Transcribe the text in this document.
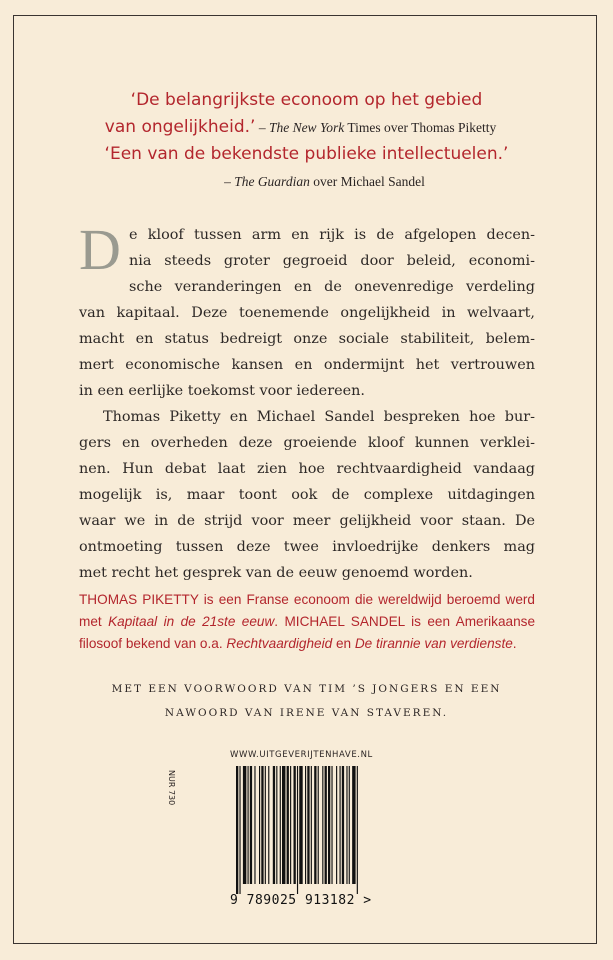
‘De belangrijkste econoom op het gebied
van ongelijkheid.’ – The New York Times over Thomas Piketty
‘Een van de bekendste publieke intellectuelen.’
– The Guardian over Michael Sandel
D e kloof tussen arm en rijk is de afgelopen decen-
nia steeds groter gegroeid door beleid, economi-
sche veranderingen en de onevenredige verdeling
van kapitaal. Deze toenemende ongelijkheid in welvaart,
macht en status bedreigt onze sociale stabiliteit, belem-
mert economische kansen en ondermijnt het vertrouwen
in een eerlijke toekomst voor iedereen.
Thomas Piketty en Michael Sandel bespreken hoe bur-
gers en overheden deze groeiende kloof kunnen verklei-
nen. Hun debat laat zien hoe rechtvaardigheid vandaag
mogelijk is, maar toont ook de complexe uitdagingen
waar we in de strijd voor meer gelijkheid voor staan. De
ontmoeting tussen deze twee invloedrijke denkers mag
met recht het gesprek van de eeuw genoemd worden.
THOMAS PIKETTY is een Franse econoom die wereldwijd beroemd werd
met Kapitaal in de 21ste eeuw. MICHAEL SANDEL is een Amerikaanse
filosoof bekend van o.a. Rechtvaardigheid en De tirannie van verdienste.
MET EEN VOORWOORD VAN TIM ’S JONGERS EN EEN
NAWOORD VAN IRENE VAN STAVEREN.
WWW.UITGEVERIJTENHAVE.NL
9 789025 913182 >
NUR 730
